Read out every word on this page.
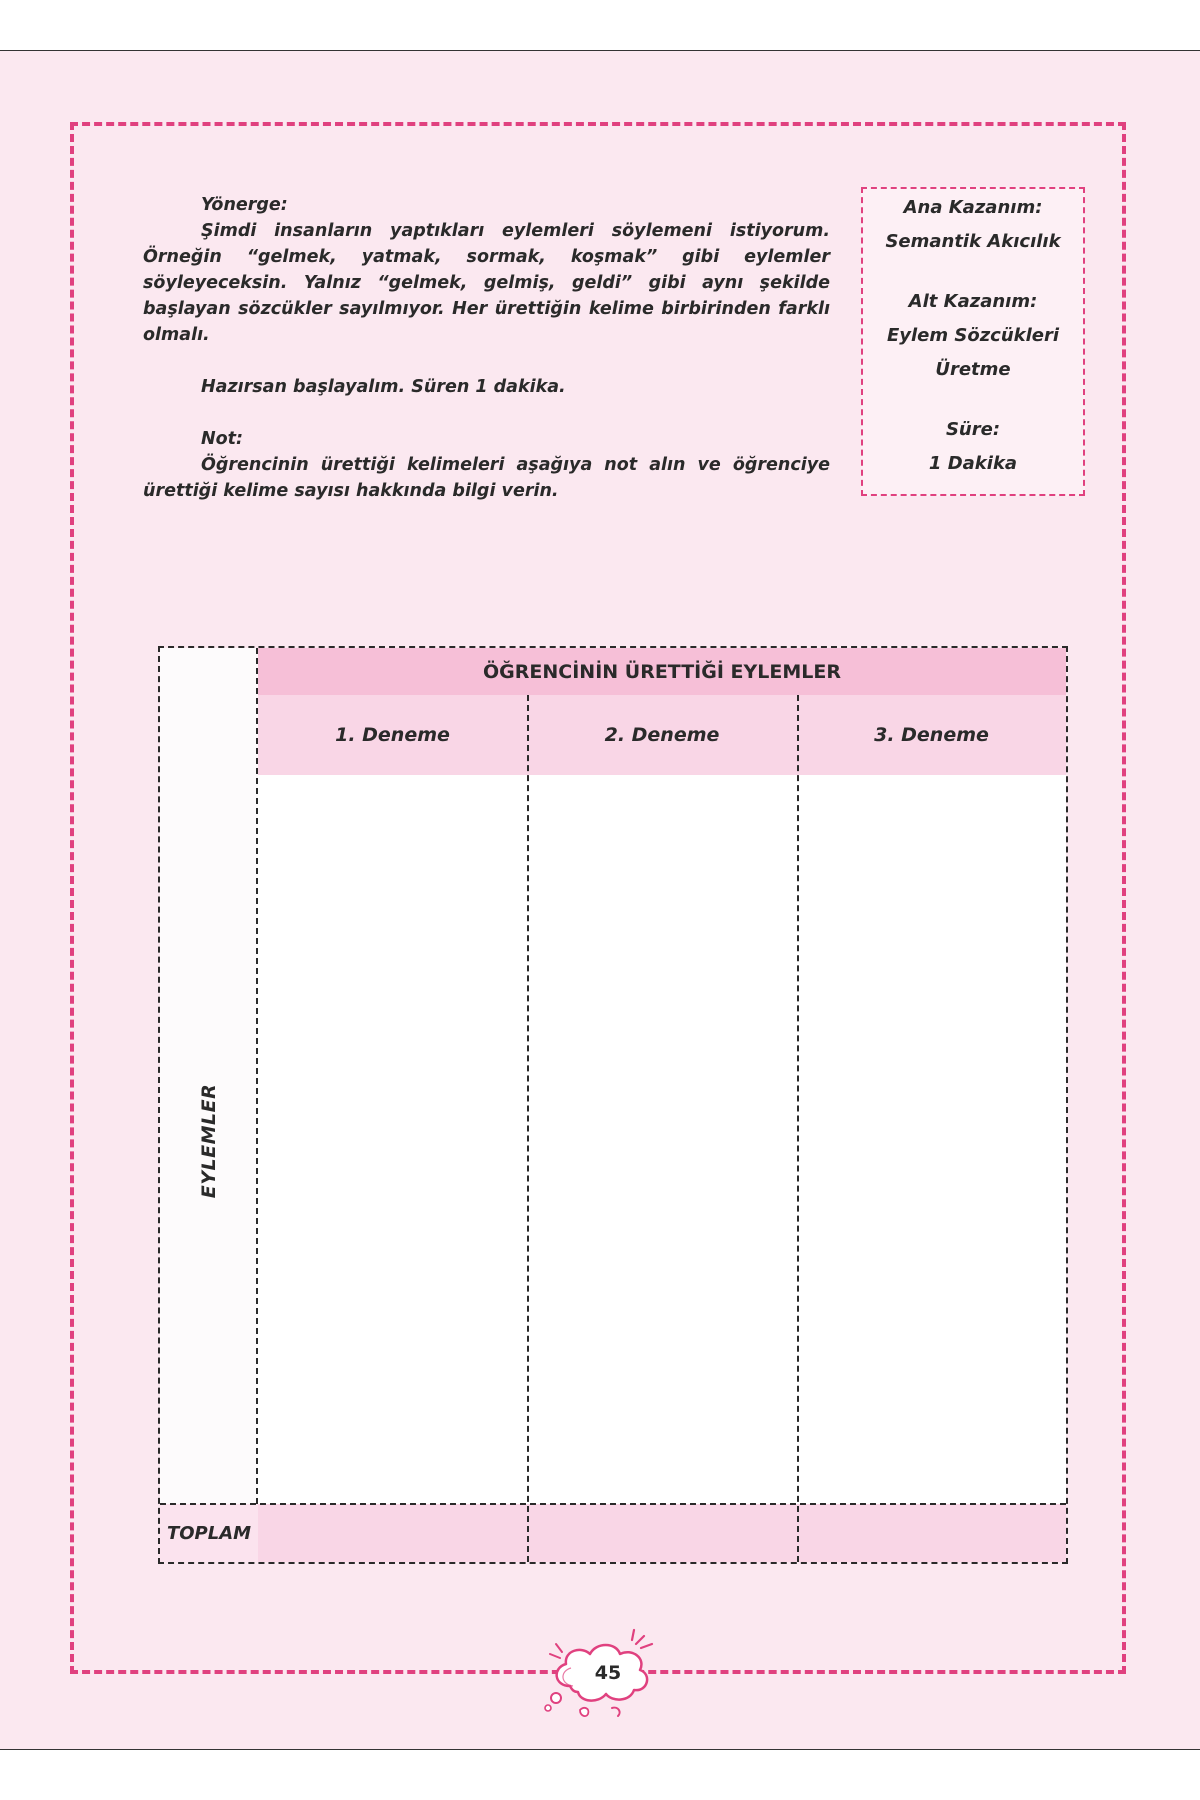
Yönerge:

Şimdi insanların yaptıkları eylemleri söylemeni istiyorum. Örneğin “gelmek, yatmak, sormak, koşmak” gibi eylemler söyleyeceksin. Yalnız “gelmek, gelmiş, geldi” gibi aynı şekilde başlayan sözcükler sayılmıyor. Her ürettiğin kelime birbirinden farklı olmalı.

Hazırsan başlayalım. Süren 1 dakika.

Not:

Öğrencinin ürettiği kelimeleri aşağıya not alın ve öğrenciye ürettiği kelime sayısı hakkında bilgi verin.

Ana Kazanım:
Semantik Akıcılık
Alt Kazanım:
Eylem Sözcükleri
Üretme
Süre:
1 Dakika
EYLEMLER
ÖĞRENCİNİN ÜRETTİĞİ EYLEMLER
1. Deneme	2. Deneme	3. Deneme
TOPLAM
45
